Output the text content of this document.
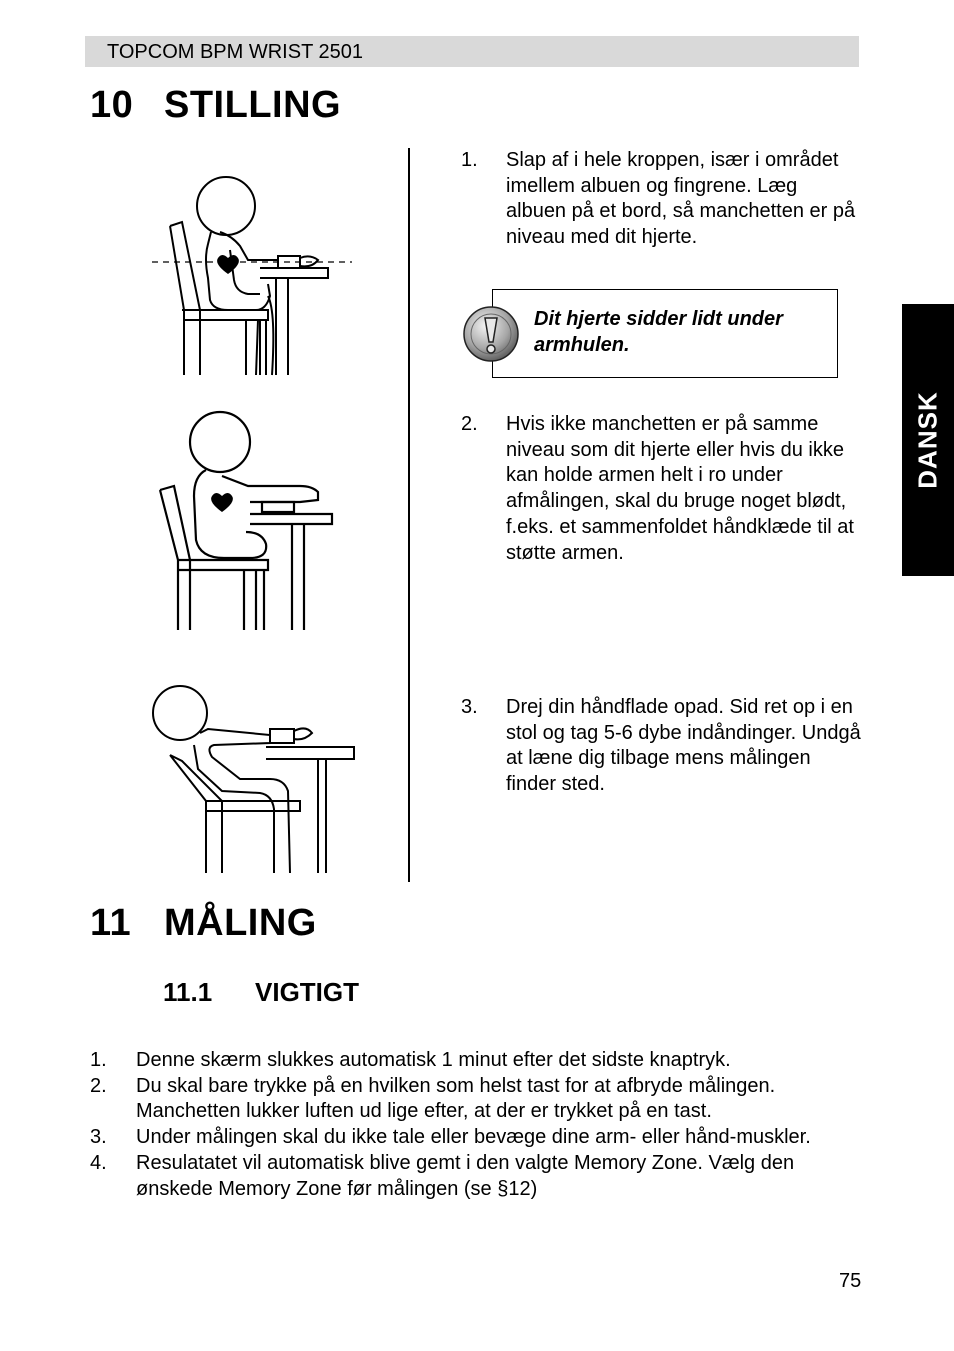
TOPCOM BPM WRIST 2501
10 STILLING
DANSK
1. Slap af i hele kroppen, især i området imellem albuen og fingrene. Læg albuen på et bord, så manchetten er på niveau med dit hjerte.
Dit hjerte sidder lidt under armhulen.
2. Hvis ikke manchetten er på samme niveau som dit hjerte eller hvis du ikke kan holde armen helt i ro under afmålingen, skal du bruge noget blødt, f.eks. et sammenfoldet håndklæde til at støtte armen.
3. Drej din håndflade opad. Sid ret op i en stol og tag 5-6 dybe indåndinger. Undgå at læne dig tilbage mens målingen finder sted.
11 MÅLING
11.1 VIGTIGT
1. Denne skærm slukkes automatisk 1 minut efter det sidste knaptryk.
2. Du skal bare trykke på en hvilken som helst tast for at afbryde målingen. Manchetten lukker luften ud lige efter, at der er trykket på en tast.
3. Under målingen skal du ikke tale eller bevæge dine arm- eller hånd-muskler.
4. Resulatatet vil automatisk blive gemt i den valgte Memory Zone. Vælg den ønskede Memory Zone før målingen (se §12)
75
